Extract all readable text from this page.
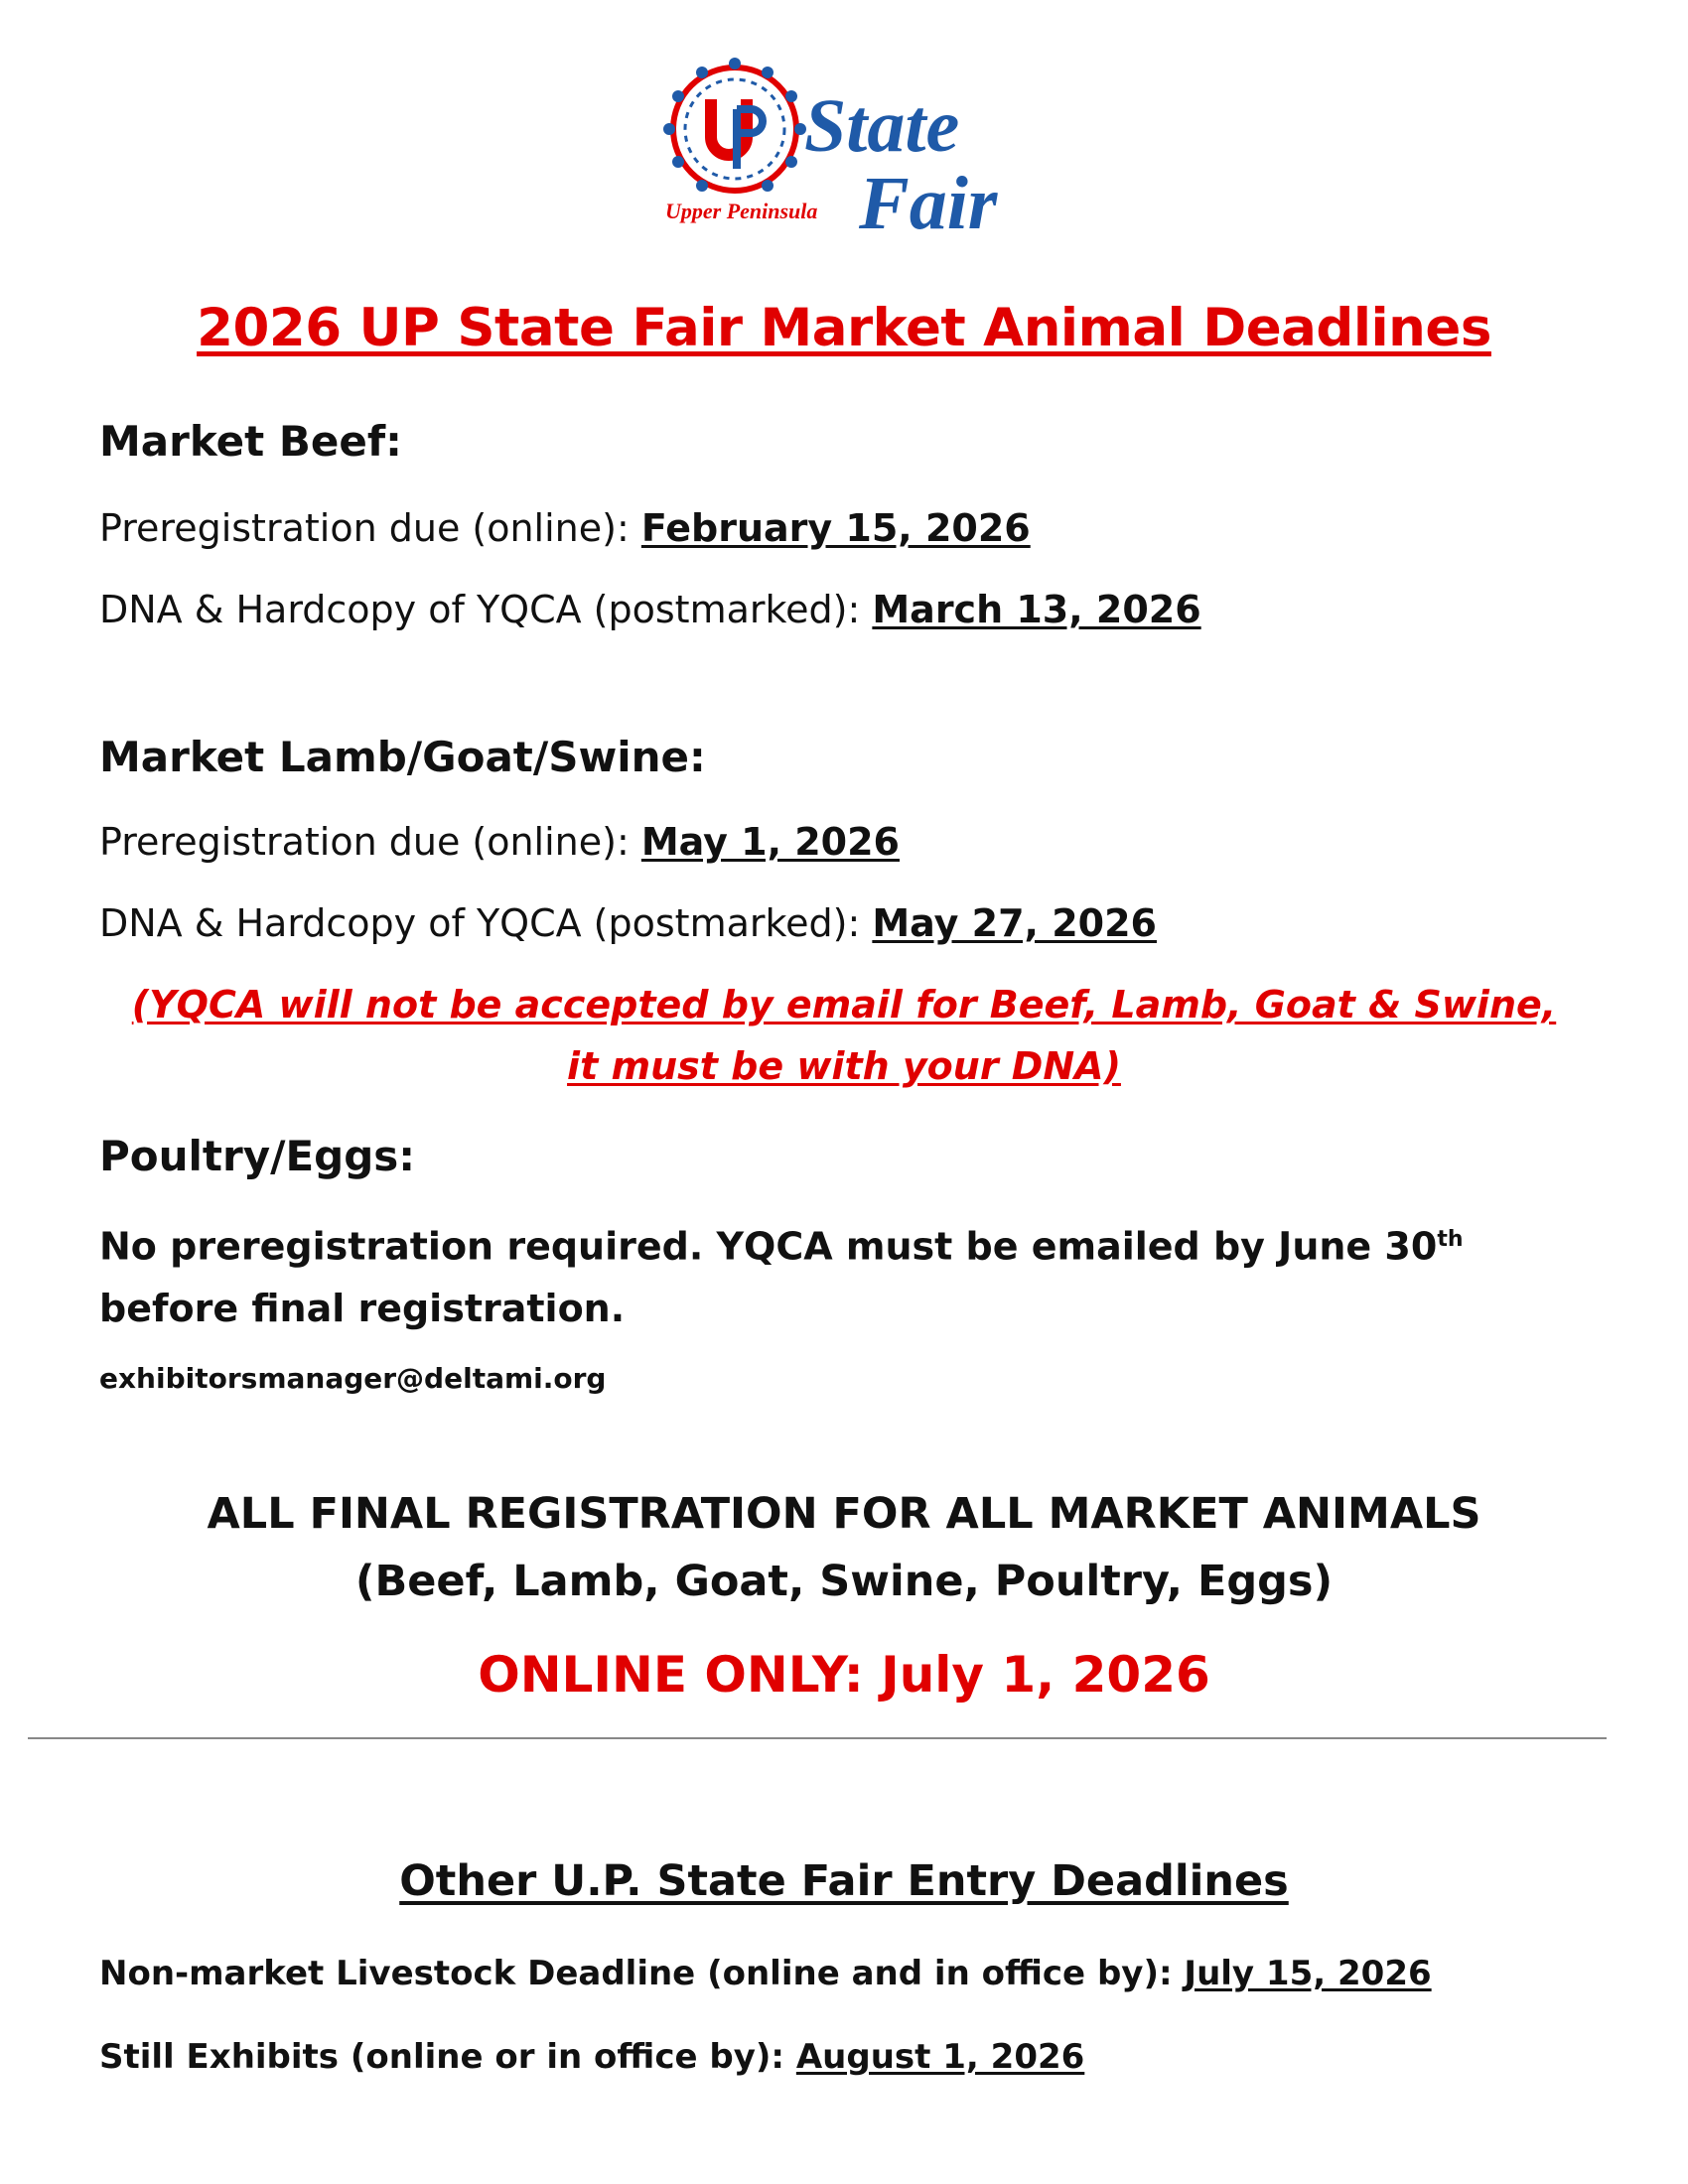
Upper Peninsula
State
Fair
2026 UP State Fair Market Animal Deadlines
Market Beef:
Preregistration due (online): February 15, 2026
DNA & Hardcopy of YQCA (postmarked): March 13, 2026
Market Lamb/Goat/Swine:
Preregistration due (online): May 1, 2026
DNA & Hardcopy of YQCA (postmarked): May 27, 2026
(YQCA will not be accepted by email for Beef, Lamb, Goat & Swine,
it must be with your DNA)
Poultry/Eggs:
No preregistration required. YQCA must be emailed by June 30th
before final registration.
exhibitorsmanager@deltami.org
ALL FINAL REGISTRATION FOR ALL MARKET ANIMALS
(Beef, Lamb, Goat, Swine, Poultry, Eggs)
ONLINE ONLY: July 1, 2026
Other U.P. State Fair Entry Deadlines
Non-market Livestock Deadline (online and in office by): July 15, 2026
Still Exhibits (online or in office by): August 1, 2026
